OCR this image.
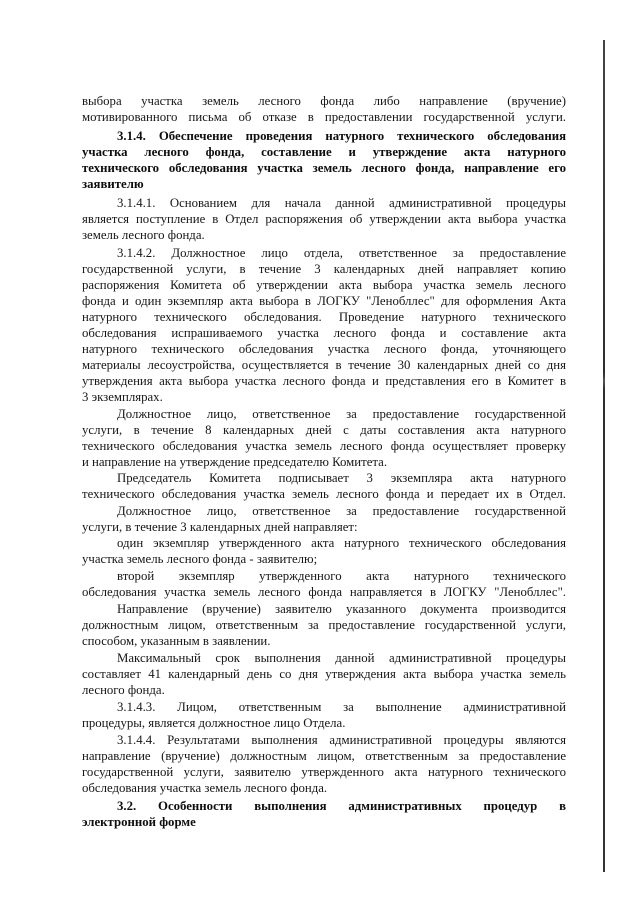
выбора участка земель лесного фонда либо направление (вручение)
мотивированного письма об отказе в предоставлении государственной услуги.
3.1.4. Обеспечение проведения натурного технического обследования
участка лесного фонда, составление и утверждение акта натурного
технического обследования участка земель лесного фонда, направление его
заявителю
3.1.4.1. Основанием для начала данной административной процедуры
является поступление в Отдел распоряжения об утверждении акта выбора участка
земель лесного фонда.
3.1.4.2. Должностное лицо отдела, ответственное за предоставление
государственной услуги, в течение 3 календарных дней направляет копию
распоряжения Комитета об утверждении акта выбора участка земель лесного
фонда и один экземпляр акта выбора в ЛОГКУ "Ленобллес" для оформления Акта
натурного технического обследования. Проведение натурного технического
обследования испрашиваемого участка лесного фонда и составление акта
натурного технического обследования участка лесного фонда, уточняющего
материалы лесоустройства, осуществляется в течение 30 календарных дней со дня
утверждения акта выбора участка лесного фонда и представления его в Комитет в
3 экземплярах.
Должностное лицо, ответственное за предоставление государственной
услуги, в течение 8 календарных дней с даты составления акта натурного
технического обследования участка земель лесного фонда осуществляет проверку
и направление на утверждение председателю Комитета.
Председатель Комитета подписывает 3 экземпляра акта натурного
технического обследования участка земель лесного фонда и передает их в Отдел.
Должностное лицо, ответственное за предоставление государственной
услуги, в течение 3 календарных дней направляет:
один экземпляр утвержденного акта натурного технического обследования
участка земель лесного фонда - заявителю;
второй экземпляр утвержденного акта натурного технического
обследования участка земель лесного фонда направляется в ЛОГКУ "Ленобллес".
Направление (вручение) заявителю указанного документа производится
должностным лицом, ответственным за предоставление государственной услуги,
способом, указанным в заявлении.
Максимальный срок выполнения данной административной процедуры
составляет 41 календарный день со дня утверждения акта выбора участка земель
лесного фонда.
3.1.4.3. Лицом, ответственным за выполнение административной
процедуры, является должностное лицо Отдела.
3.1.4.4. Результатами выполнения административной процедуры являются
направление (вручение) должностным лицом, ответственным за предоставление
государственной услуги, заявителю утвержденного акта натурного технического
обследования участка земель лесного фонда.
3.2. Особенности выполнения административных процедур в
электронной форме
